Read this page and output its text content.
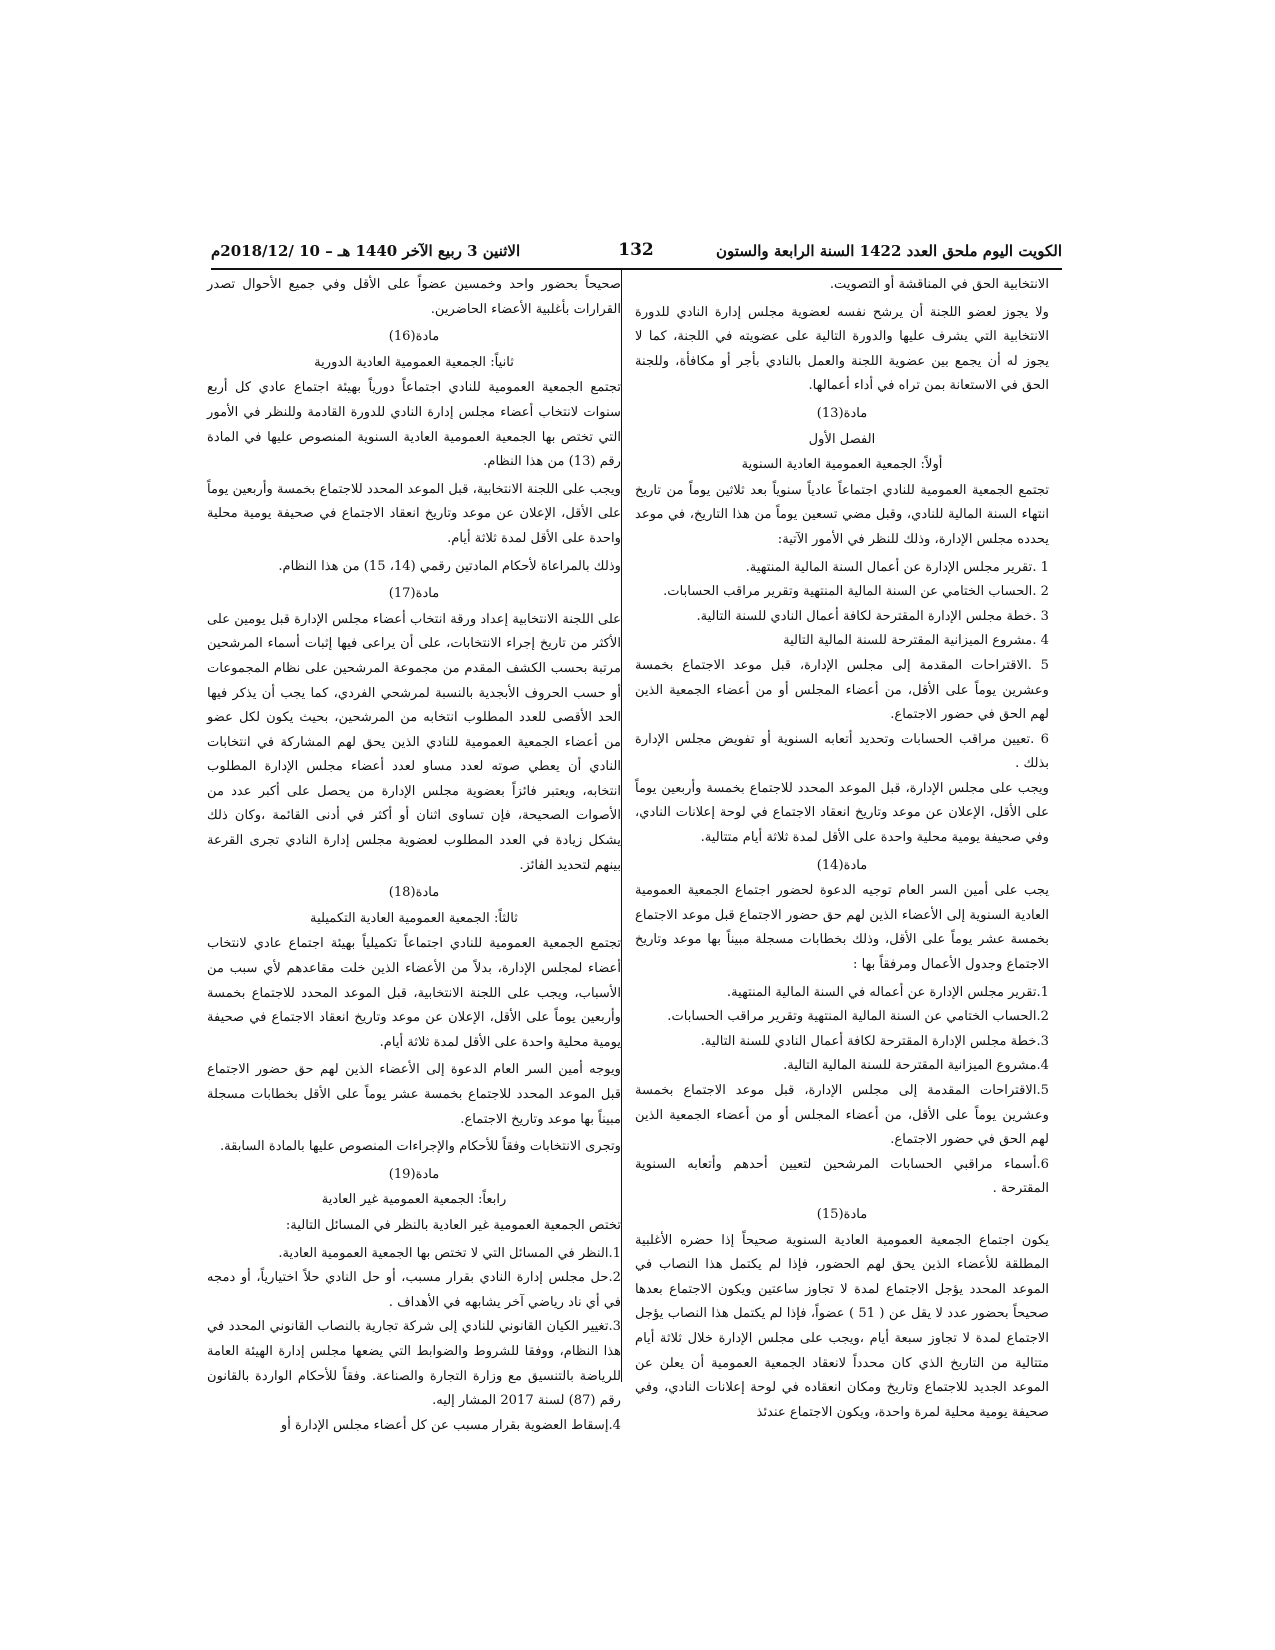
الاثنين 3 ربيع الآخر 1440 هـ – 10 /2018/12م	132	الكويت اليوم ملحق العدد 1422 السنة الرابعة والستون

الانتخابية الحق في المناقشة أو التصويت.

ولا يجوز لعضو اللجنة أن يرشح نفسه لعضوية مجلس إدارة النادي للدورة الانتخابية التي يشرف عليها والدورة التالية على عضويته في اللجنة، كما لا يجوز له أن يجمع بين عضوية اللجنة والعمل بالنادي بأجر أو مكافأة، وللجنة الحق في الاستعانة بمن تراه في أداء أعمالها.

مادة(13)

الفصل الأول

أولاً: الجمعية العمومية العادية السنوية

تجتمع الجمعية العمومية للنادي اجتماعاً عادياً سنوياً بعد ثلاثين يوماً من تاريخ انتهاء السنة المالية للنادي، وقبل مضي تسعين يوماً من هذا التاريخ، في موعد يحدده مجلس الإدارة، وذلك للنظر في الأمور الآتية:

1 .تقرير مجلس الإدارة عن أعمال السنة المالية المنتهية.

2 .الحساب الختامي عن السنة المالية المنتهية وتقرير مراقب الحسابات.

3 .خطة مجلس الإدارة المقترحة لكافة أعمال النادي للسنة التالية.

4 .مشروع الميزانية المقترحة للسنة المالية التالية

5 .الاقتراحات المقدمة إلى مجلس الإدارة، قبل موعد الاجتماع بخمسة وعشرين يوماً على الأقل، من أعضاء المجلس أو من أعضاء الجمعية الذين لهم الحق في حضور الاجتماع.

6 .تعيين مراقب الحسابات وتحديد أتعابه السنوية أو تفويض مجلس الإدارة بذلك .

ويجب على مجلس الإدارة، قبل الموعد المحدد للاجتماع بخمسة وأربعين يوماً على الأقل، الإعلان عن موعد وتاريخ انعقاد الاجتماع في لوحة إعلانات النادي، وفي صحيفة يومية محلية واحدة على الأقل لمدة ثلاثة أيام متتالية.

مادة(14)

يجب على أمين السر العام توجيه الدعوة لحضور اجتماع الجمعية العمومية العادية السنوية إلى الأعضاء الذين لهم حق حضور الاجتماع قبل موعد الاجتماع بخمسة عشر يوماً على الأقل، وذلك بخطابات مسجلة مبيناً بها موعد وتاريخ الاجتماع وجدول الأعمال ومرفقاً بها :

1.تقرير مجلس الإدارة عن أعماله في السنة المالية المنتهية.

2.الحساب الختامي عن السنة المالية المنتهية وتقرير مراقب الحسابات.

3.خطة مجلس الإدارة المقترحة لكافة أعمال النادي للسنة التالية.

4.مشروع الميزانية المقترحة للسنة المالية التالية.

5.الاقتراحات المقدمة إلى مجلس الإدارة، قبل موعد الاجتماع بخمسة وعشرين يوماً على الأقل، من أعضاء المجلس أو من أعضاء الجمعية الذين لهم الحق في حضور الاجتماع.

6.أسماء مراقبي الحسابات المرشحين لتعيين أحدهم وأتعابه السنوية المقترحة .

مادة(15)

يكون اجتماع الجمعية العمومية العادية السنوية صحيحاً إذا حضره الأغلبية المطلقة للأعضاء الذين يحق لهم الحضور، فإذا لم يكتمل هذا النصاب في الموعد المحدد يؤجل الاجتماع لمدة لا تجاوز ساعتين ويكون الاجتماع بعدها صحيحاً بحضور عدد لا يقل عن ( 51 ) عضواً، فإذا لم يكتمل هذا النصاب يؤجل الاجتماع لمدة لا تجاوز سبعة أيام ،ويجب على مجلس الإدارة خلال ثلاثة أيام متتالية من التاريخ الذي كان محدداً لانعقاد الجمعية العمومية أن يعلن عن الموعد الجديد للاجتماع وتاريخ ومكان انعقاده في لوحة إعلانات النادي، وفي صحيفة يومية محلية لمرة واحدة، ويكون الاجتماع عندئذ

صحيحاً بحضور واحد وخمسين عضواً على الأقل وفي جميع الأحوال تصدر القرارات بأغلبية الأعضاء الحاضرين.

مادة(16)

ثانياً: الجمعية العمومية العادية الدورية

تجتمع الجمعية العمومية للنادي اجتماعاً دورياً بهيئة اجتماع عادي كل أربع سنوات لانتخاب أعضاء مجلس إدارة النادي للدورة القادمة وللنظر في الأمور التي تختص بها الجمعية العمومية العادية السنوية المنصوص عليها في المادة رقم (13) من هذا النظام.

ويجب على اللجنة الانتخابية، قبل الموعد المحدد للاجتماع بخمسة وأربعين يوماً على الأقل، الإعلان عن موعد وتاريخ انعقاد الاجتماع في صحيفة يومية محلية واحدة على الأقل لمدة ثلاثة أيام.

وذلك بالمراعاة لأحكام المادتين رقمي (14، 15) من هذا النظام.

مادة(17)

على اللجنة الانتخابية إعداد ورقة انتخاب أعضاء مجلس الإدارة قبل يومين على الأكثر من تاريخ إجراء الانتخابات، على أن يراعى فيها إثبات أسماء المرشحين مرتبة بحسب الكشف المقدم من مجموعة المرشحين على نظام المجموعات أو حسب الحروف الأبجدية بالنسبة لمرشحي الفردي، كما يجب أن يذكر فيها الحد الأقصى للعدد المطلوب انتخابه من المرشحين، بحيث يكون لكل عضو من أعضاء الجمعية العمومية للنادي الذين يحق لهم المشاركة في انتخابات النادي أن يعطي صوته لعدد مساو لعدد أعضاء مجلس الإدارة المطلوب انتخابه، ويعتبر فائزاً بعضوية مجلس الإدارة من يحصل على أكبر عدد من الأصوات الصحيحة، فإن تساوى اثنان أو أكثر في أدنى القائمة ،وكان ذلك يشكل زيادة في العدد المطلوب لعضوية مجلس إدارة النادي تجرى القرعة بينهم لتحديد الفائز.

مادة(18)

ثالثاً: الجمعية العمومية العادية التكميلية

تجتمع الجمعية العمومية للنادي اجتماعاً تكميلياً بهيئة اجتماع عادي لانتخاب أعضاء لمجلس الإدارة، بدلاً من الأعضاء الذين خلت مقاعدهم لأي سبب من الأسباب، ويجب على اللجنة الانتخابية، قبل الموعد المحدد للاجتماع بخمسة وأربعين يوماً على الأقل، الإعلان عن موعد وتاريخ انعقاد الاجتماع في صحيفة يومية محلية واحدة على الأقل لمدة ثلاثة أيام.

ويوجه أمين السر العام الدعوة إلى الأعضاء الذين لهم حق حضور الاجتماع قبل الموعد المحدد للاجتماع بخمسة عشر يوماً على الأقل بخطابات مسجلة مبيناً بها موعد وتاريخ الاجتماع.

وتجرى الانتخابات وفقاً للأحكام والإجراءات المنصوص عليها بالمادة السابقة.

مادة(19)

رابعاً: الجمعية العمومية غير العادية

تختص الجمعية العمومية غير العادية بالنظر في المسائل التالية:

1.النظر في المسائل التي لا تختص بها الجمعية العمومية العادية.

2.حل مجلس إدارة النادي بقرار مسبب، أو حل النادي حلاً اختيارياً، أو دمجه في أي ناد رياضي آخر يشابهه في الأهداف .

3.تغيير الكيان القانوني للنادي إلى شركة تجارية بالنصاب القانوني المحدد في هذا النظام، ووفقا للشروط والضوابط التي يضعها مجلس إدارة الهيئة العامة للرياضة بالتنسيق مع وزارة التجارة والصناعة. وفقاً للأحكام الواردة بالقانون رقم (87) لسنة 2017 المشار إليه.

4.إسقاط العضوية بقرار مسبب عن كل أعضاء مجلس الإدارة أو
